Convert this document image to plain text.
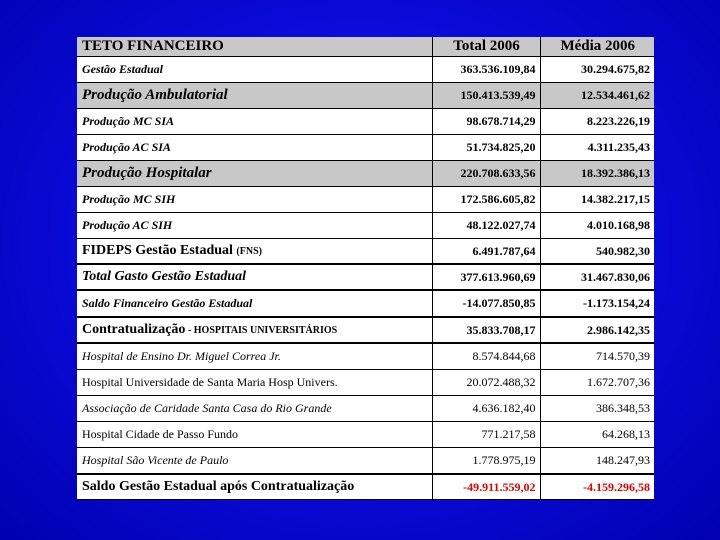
TETO FINANCEIRO	Total 2006	Média 2006
Gestão Estadual	363.536.109,84	30.294.675,82
Produção Ambulatorial	150.413.539,49	12.534.461,62
Produção MC SIA	98.678.714,29	8.223.226,19
Produção AC SIA	51.734.825,20	4.311.235,43
Produção Hospitalar	220.708.633,56	18.392.386,13
Produção MC SIH	172.586.605,82	14.382.217,15
Produção AC SIH	48.122.027,74	4.010.168,98
FIDEPS Gestão Estadual (FNS)	6.491.787,64	540.982,30
Total Gasto Gestão Estadual	377.613.960,69	31.467.830,06
Saldo Financeiro Gestão Estadual	-14.077.850,85	-1.173.154,24
Contratualização - HOSPITAIS UNIVERSITÁRIOS	35.833.708,17	2.986.142,35
Hospital de Ensino Dr. Miguel Correa Jr.	8.574.844,68	714.570,39
Hospital Universidade de Santa Maria Hosp Univers.	20.072.488,32	1.672.707,36
Associação de Caridade Santa Casa do Rio Grande	4.636.182,40	386.348,53
Hospital Cidade de Passo Fundo	771.217,58	64.268,13
Hospital São Vicente de Paulo	1.778.975,19	148.247,93
Saldo Gestão Estadual após Contratualização	-49.911.559,02	-4.159.296,58
